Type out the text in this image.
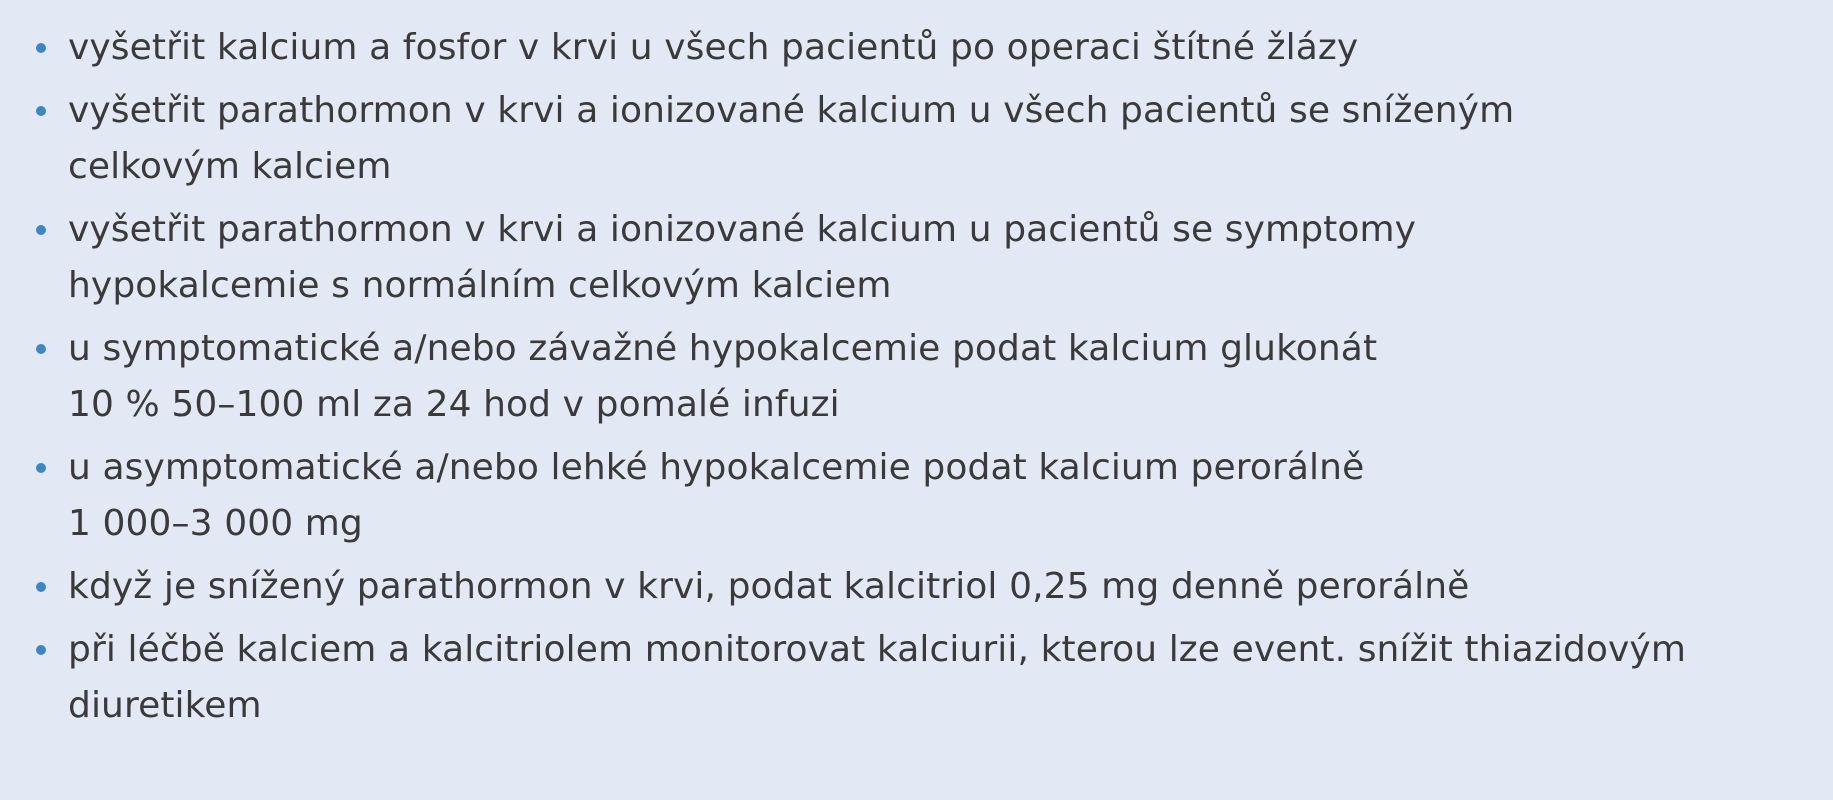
vyšetřit kalcium a fosfor v krvi u všech pacientů po operaci štítné žlázy
vyšetřit parathormon v krvi a ionizované kalcium u všech pacientů se sníženým
celkovým kalciem
vyšetřit parathormon v krvi a ionizované kalcium u pacientů se symptomy
hypokalcemie s normálním celkovým kalciem
u symptomatické a/nebo závažné hypokalcemie podat kalcium glukonát
10 % 50–100 ml za 24 hod v pomalé infuzi
u asymptomatické a/nebo lehké hypokalcemie podat kalcium perorálně
1 000–3 000 mg
když je snížený parathormon v krvi, podat kalcitriol 0,25 mg denně perorálně
při léčbě kalciem a kalcitriolem monitorovat kalciurii, kterou lze event. snížit thiazidovým
diuretikem
